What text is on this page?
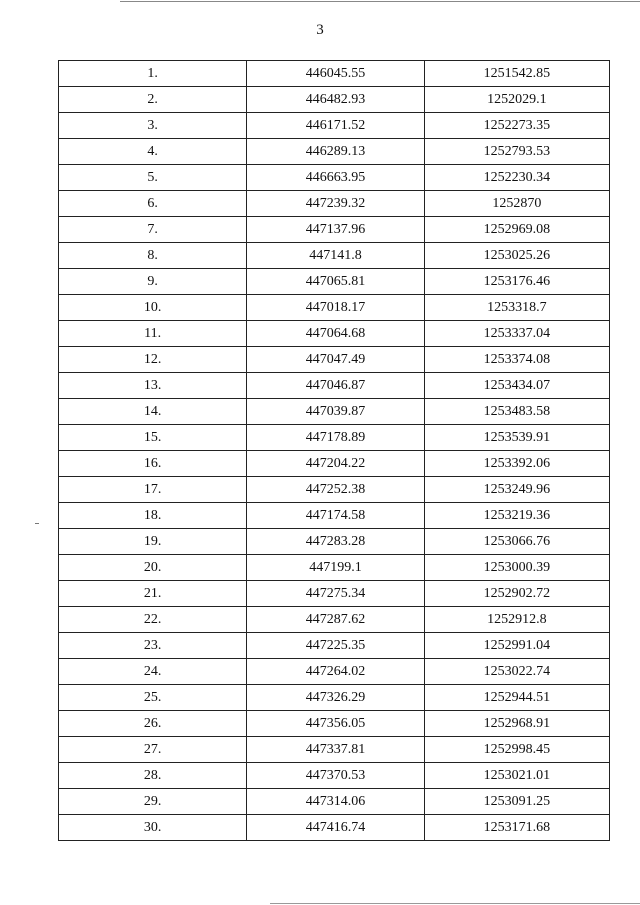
3
1.	446045.55	1251542.85
2.	446482.93	1252029.1
3.	446171.52	1252273.35
4.	446289.13	1252793.53
5.	446663.95	1252230.34
6.	447239.32	1252870
7.	447137.96	1252969.08
8.	447141.8	1253025.26
9.	447065.81	1253176.46
10.	447018.17	1253318.7
11.	447064.68	1253337.04
12.	447047.49	1253374.08
13.	447046.87	1253434.07
14.	447039.87	1253483.58
15.	447178.89	1253539.91
16.	447204.22	1253392.06
17.	447252.38	1253249.96
18.	447174.58	1253219.36
19.	447283.28	1253066.76
20.	447199.1	1253000.39
21.	447275.34	1252902.72
22.	447287.62	1252912.8
23.	447225.35	1252991.04
24.	447264.02	1253022.74
25.	447326.29	1252944.51
26.	447356.05	1252968.91
27.	447337.81	1252998.45
28.	447370.53	1253021.01
29.	447314.06	1253091.25
30.	447416.74	1253171.68
